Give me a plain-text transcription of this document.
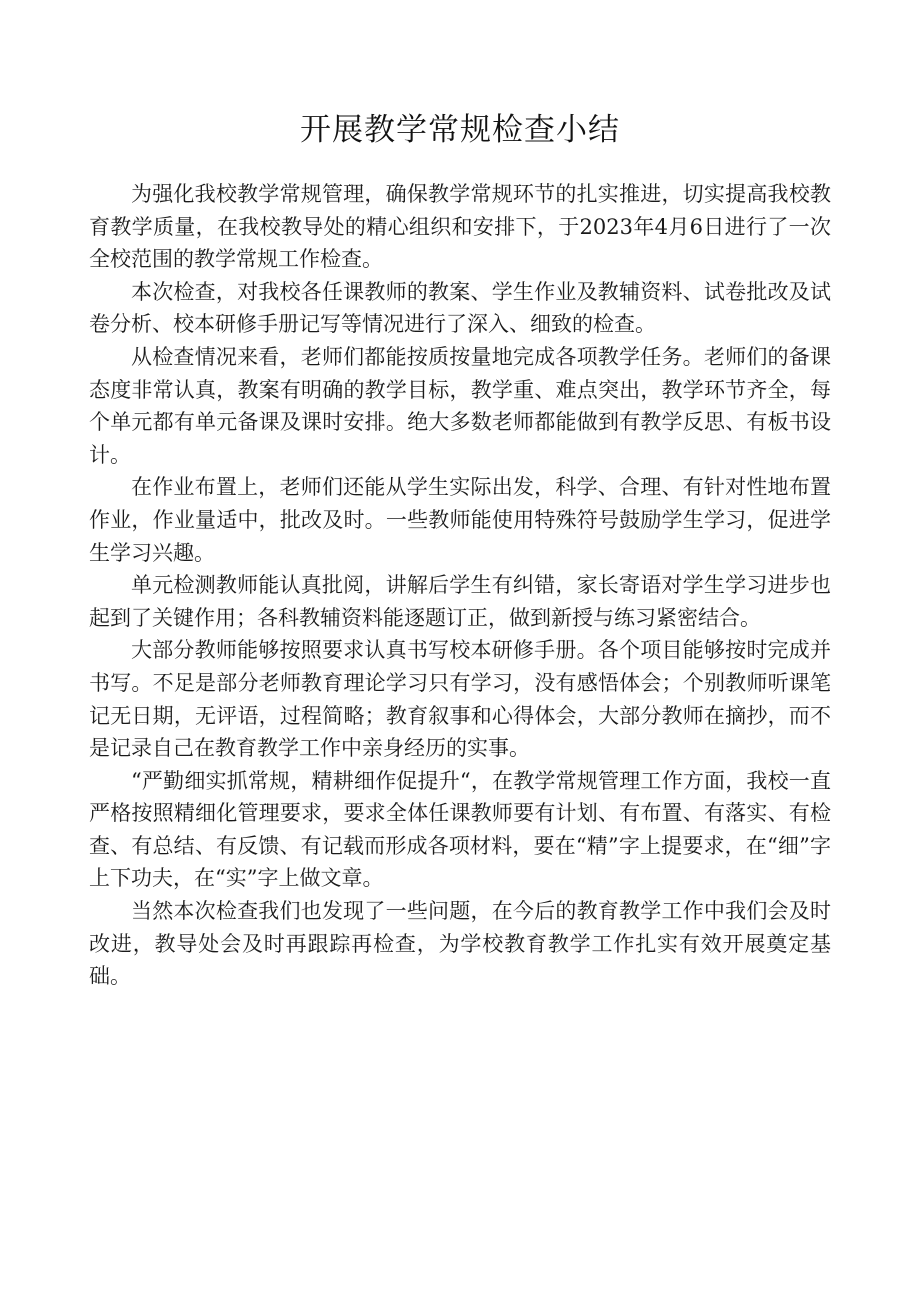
开展教学常规检查小结

为强化我校教学常规管理，确保教学常规环节的扎实推进，切实提高我校教育教学质量，在我校教导处的精心组织和安排下，于2023年4月6日进行了一次全校范围的教学常规工作检查。

本次检查，对我校各任课教师的教案、学生作业及教辅资料、试卷批改及试卷分析、校本研修手册记写等情况进行了深入、细致的检查。

从检查情况来看，老师们都能按质按量地完成各项教学任务。老师们的备课态度非常认真，教案有明确的教学目标，教学重、难点突出，教学环节齐全，每个单元都有单元备课及课时安排。绝大多数老师都能做到有教学反思、有板书设计。

在作业布置上，老师们还能从学生实际出发，科学、合理、有针对性地布置作业，作业量适中，批改及时。一些教师能使用特殊符号鼓励学生学习，促进学生学习兴趣。

单元检测教师能认真批阅，讲解后学生有纠错，家长寄语对学生学习进步也起到了关键作用；各科教辅资料能逐题订正，做到新授与练习紧密结合。

大部分教师能够按照要求认真书写校本研修手册。各个项目能够按时完成并书写。不足是部分老师教育理论学习只有学习，没有感悟体会；个别教师听课笔记无日期，无评语，过程简略；教育叙事和心得体会，大部分教师在摘抄，而不是记录自己在教育教学工作中亲身经历的实事。

“严勤细实抓常规，精耕细作促提升“，在教学常规管理工作方面，我校一直严格按照精细化管理要求，要求全体任课教师要有计划、有布置、有落实、有检查、有总结、有反馈、有记载而形成各项材料，要在“精”字上提要求，在“细”字上下功夫，在“实”字上做文章。

当然本次检查我们也发现了一些问题，在今后的教育教学工作中我们会及时改进，教导处会及时再跟踪再检查，为学校教育教学工作扎实有效开展奠定基础。
